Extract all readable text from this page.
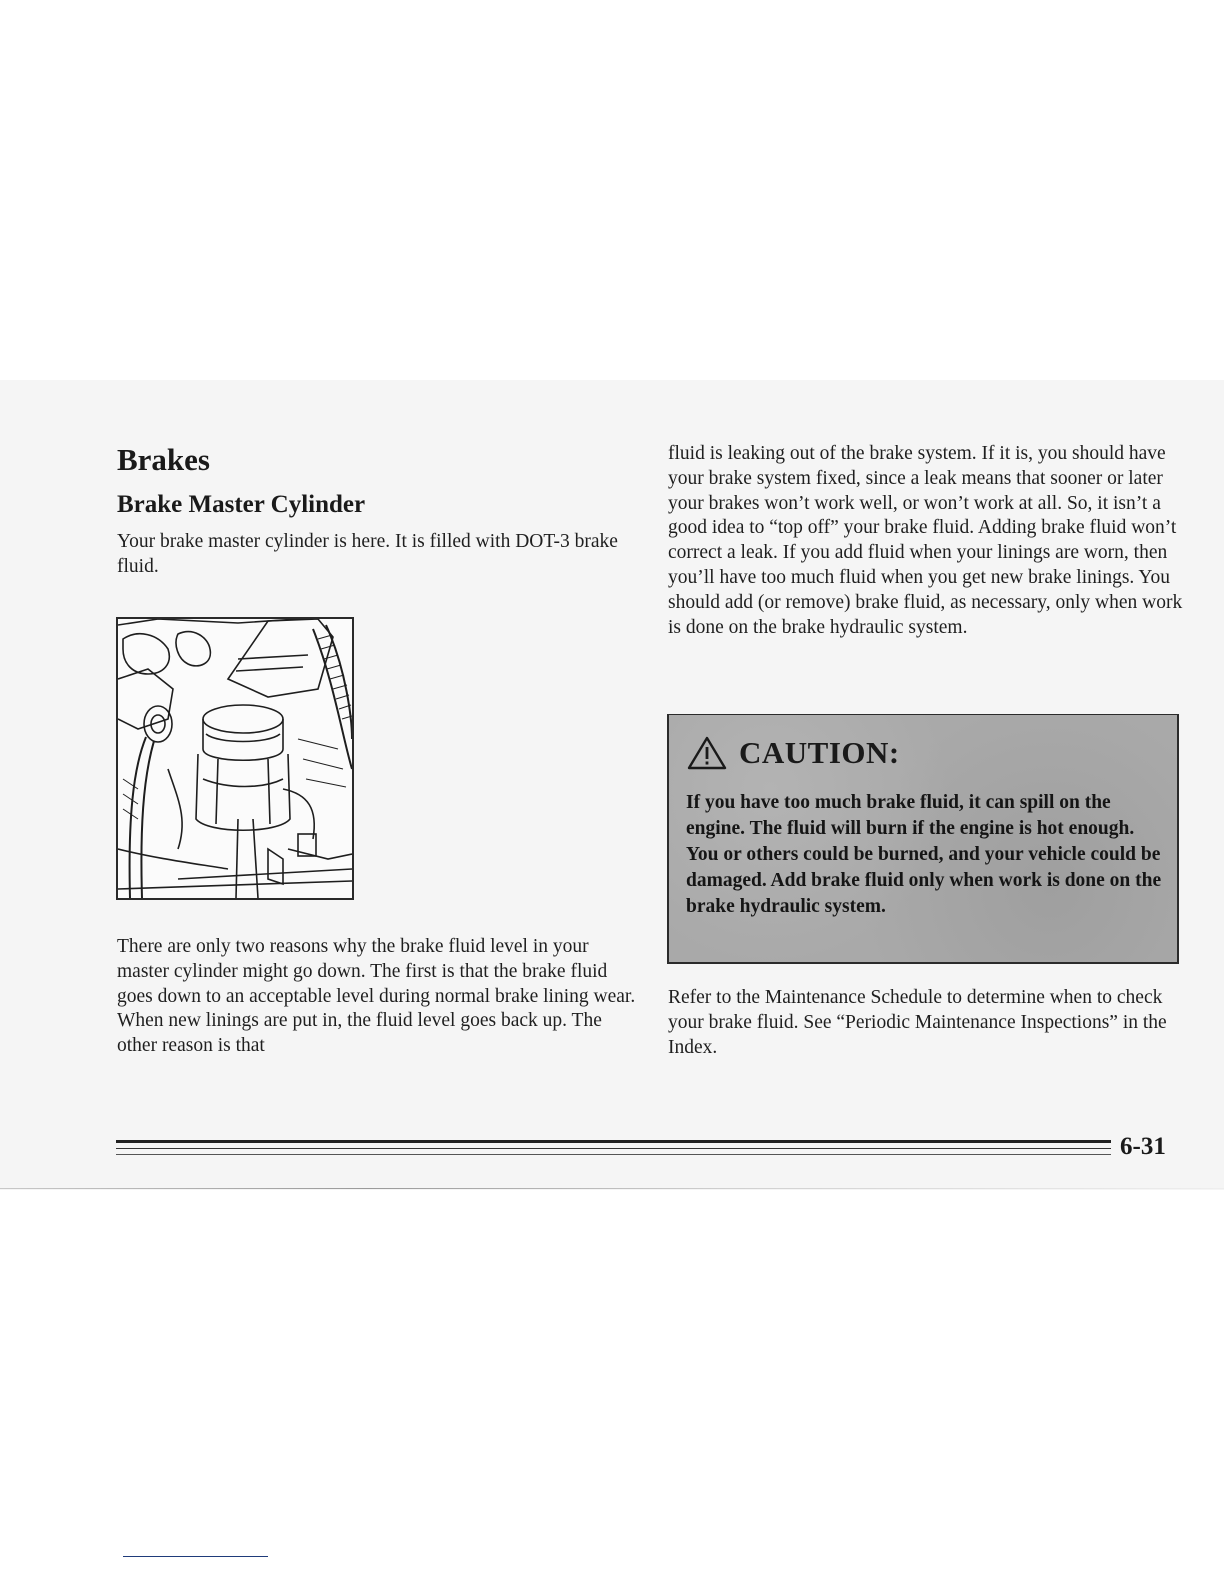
Brakes
Brake Master Cylinder

Your brake master cylinder is here. It is filled with DOT-3 brake fluid.

There are only two reasons why the brake fluid level in your master cylinder might go down. The first is that the brake fluid goes down to an acceptable level during normal brake lining wear. When new linings are put in, the fluid level goes back up. The other reason is that

fluid is leaking out of the brake system. If it is, you should have your brake system fixed, since a leak means that sooner or later your brakes won’t work well, or won’t work at all. So, it isn’t a good idea to “top off” your brake fluid. Adding brake fluid won’t correct a leak. If you add fluid when your linings are worn, then you’ll have too much fluid when you get new brake linings. You should add (or remove) brake fluid, as necessary, only when work is done on the brake hydraulic system.

CAUTION:
If you have too much brake fluid, it can spill on the engine. The fluid will burn if the engine is hot enough. You or others could be burned, and your vehicle could be damaged. Add brake fluid only when work is done on the brake hydraulic system.

Refer to the Maintenance Schedule to determine when to check your brake fluid. See “Periodic Maintenance Inspections” in the Index.

6-31
